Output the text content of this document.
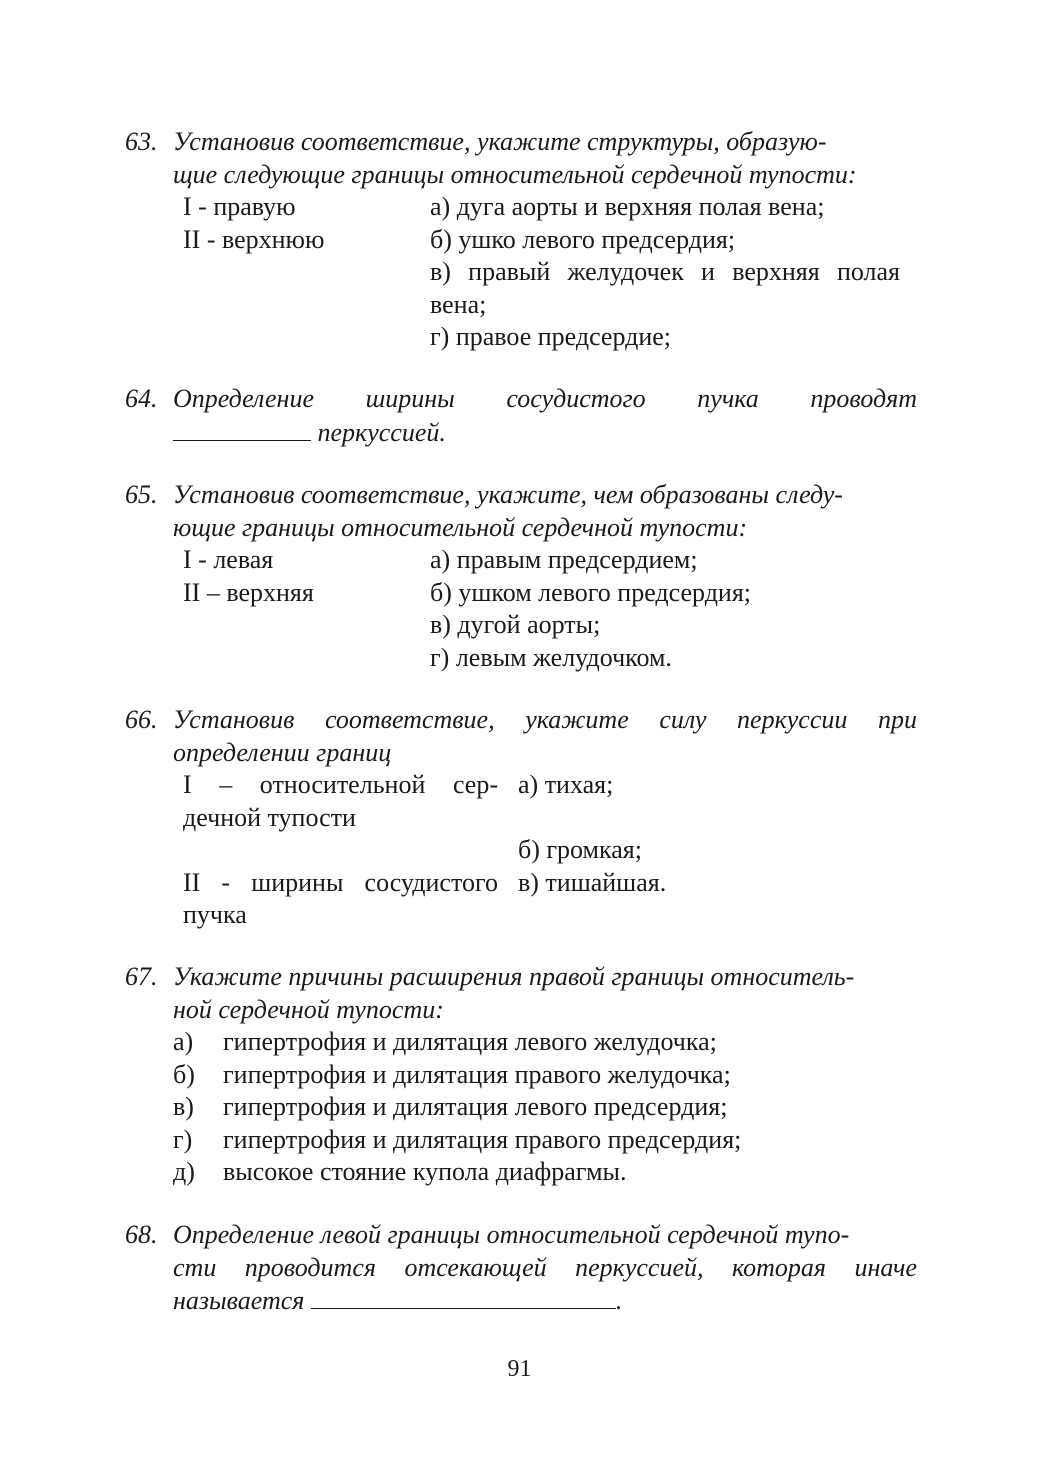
63. Установив соответствие, укажите структуры, образую-
щие следующие границы относительной сердечной тупости:
I - правую	а) дуга аорты и верхняя полая вена;
II - верхнюю	б) ушко левого предсердия;
в) правый желудочек и верхняя полая
вена;
г) правое предсердие;
64. Определение ширины сосудистого пучка проводят
перкуссией.
65. Установив соответствие, укажите, чем образованы следу-
ющие границы относительной сердечной тупости:
I - левая	а) правым предсердием;
II – верхняя	б) ушком левого предсердия;
в) дугой аорты;
г) левым желудочком.
66. Установив соответствие, укажите силу перкуссии при
определении границ
I – относительной сер- а) тихая;
дечной тупости
б) громкая;
II - ширины сосудистого в) тишайшая.
пучка
67. Укажите причины расширения правой границы относитель-
ной сердечной тупости:
а) гипертрофия и дилятация левого желудочка;
б) гипертрофия и дилятация правого желудочка;
в) гипертрофия и дилятация левого предсердия;
г) гипертрофия и дилятация правого предсердия;
д) высокое стояние купола диафрагмы.
68. Определение левой границы относительной сердечной тупо-
сти проводится отсекающей перкуссией, которая иначе
называется	.
91
